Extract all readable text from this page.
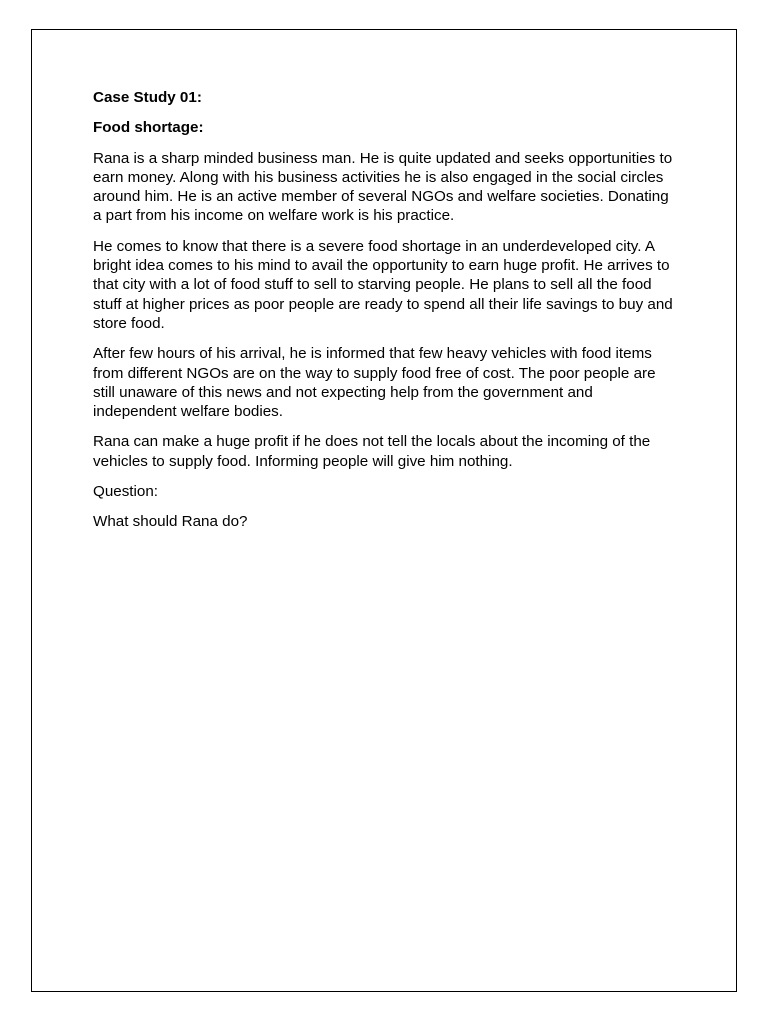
Case Study 01:

Food shortage:

Rana is a sharp minded business man. He is quite updated and seeks opportunities to earn money. Along with his business activities he is also engaged in the social circles around him. He is an active member of several NGOs and welfare societies. Donating a part from his income on welfare work is his practice.

He comes to know that there is a severe food shortage in an underdeveloped city. A bright idea comes to his mind to avail the opportunity to earn huge profit. He arrives to that city with a lot of food stuff to sell to starving people. He plans to sell all the food stuff at higher prices as poor people are ready to spend all their life savings to buy and store food.

After few hours of his arrival, he is informed that few heavy vehicles with food items from different NGOs are on the way to supply food free of cost. The poor people are still unaware of this news and not expecting help from the government and independent welfare bodies.

Rana can make a huge profit if he does not tell the locals about the incoming of the vehicles to supply food. Informing people will give him nothing.

Question:

What should Rana do?
